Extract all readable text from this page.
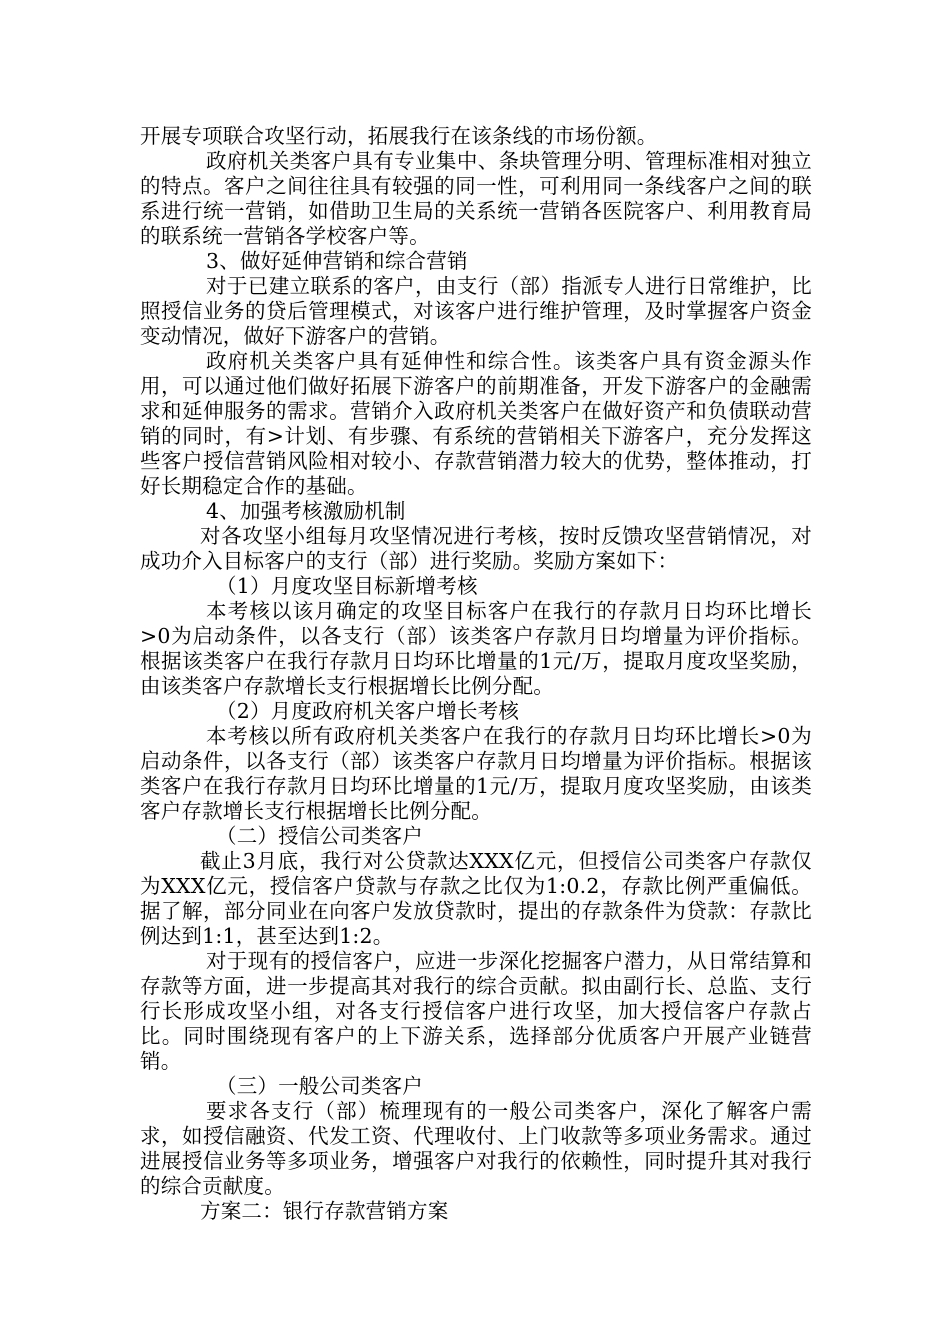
开展专项联合攻坚行动，拓展我行在该条线的市场份额。

政府机关类客户具有专业集中、条块管理分明、管理标准相对独立的特点。客户之间往往具有较强的同一性，可利用同一条线客户之间的联系进行统一营销，如借助卫生局的关系统一营销各医院客户、利用教育局的联系统一营销各学校客户等。

3、做好延伸营销和综合营销

对于已建立联系的客户，由支行（部）指派专人进行日常维护，比照授信业务的贷后管理模式，对该客户进行维护管理，及时掌握客户资金变动情况，做好下游客户的营销。

政府机关类客户具有延伸性和综合性。该类客户具有资金源头作用，可以通过他们做好拓展下游客户的前期准备，开发下游客户的金融需求和延伸服务的需求。营销介入政府机关类客户在做好资产和负债联动营销的同时，有>计划、有步骤、有系统的营销相关下游客户，充分发挥这些客户授信营销风险相对较小、存款营销潜力较大的优势，整体推动，打好长期稳定合作的基础。

4、加强考核激励机制

对各攻坚小组每月攻坚情况进行考核，按时反馈攻坚营销情况，对成功介入目标客户的支行（部）进行奖励。奖励方案如下：

（1）月度攻坚目标新增考核

本考核以该月确定的攻坚目标客户在我行的存款月日均环比增长>0为启动条件，以各支行（部）该类客户存款月日均增量为评价指标。根据该类客户在我行存款月日均环比增量的1元/万，提取月度攻坚奖励，由该类客户存款增长支行根据增长比例分配。

（2）月度政府机关客户增长考核

本考核以所有政府机关类客户在我行的存款月日均环比增长>0为启动条件，以各支行（部）该类客户存款月日均增量为评价指标。根据该类客户在我行存款月日均环比增量的1元/万，提取月度攻坚奖励，由该类客户存款增长支行根据增长比例分配。

（二）授信公司类客户

截止3月底，我行对公贷款达XXX亿元，但授信公司类客户存款仅为XXX亿元，授信客户贷款与存款之比仅为1:0.2，存款比例严重偏低。据了解，部分同业在向客户发放贷款时，提出的存款条件为贷款：存款比例达到1:1，甚至达到1:2。

对于现有的授信客户，应进一步深化挖掘客户潜力，从日常结算和存款等方面，进一步提高其对我行的综合贡献。拟由副行长、总监、支行行长形成攻坚小组，对各支行授信客户进行攻坚，加大授信客户存款占比。同时围绕现有客户的上下游关系，选择部分优质客户开展产业链营销。

（三）一般公司类客户

要求各支行（部）梳理现有的一般公司类客户，深化了解客户需求，如授信融资、代发工资、代理收付、上门收款等多项业务需求。通过进展授信业务等多项业务，增强客户对我行的依赖性，同时提升其对我行的综合贡献度。

方案二：银行存款营销方案
